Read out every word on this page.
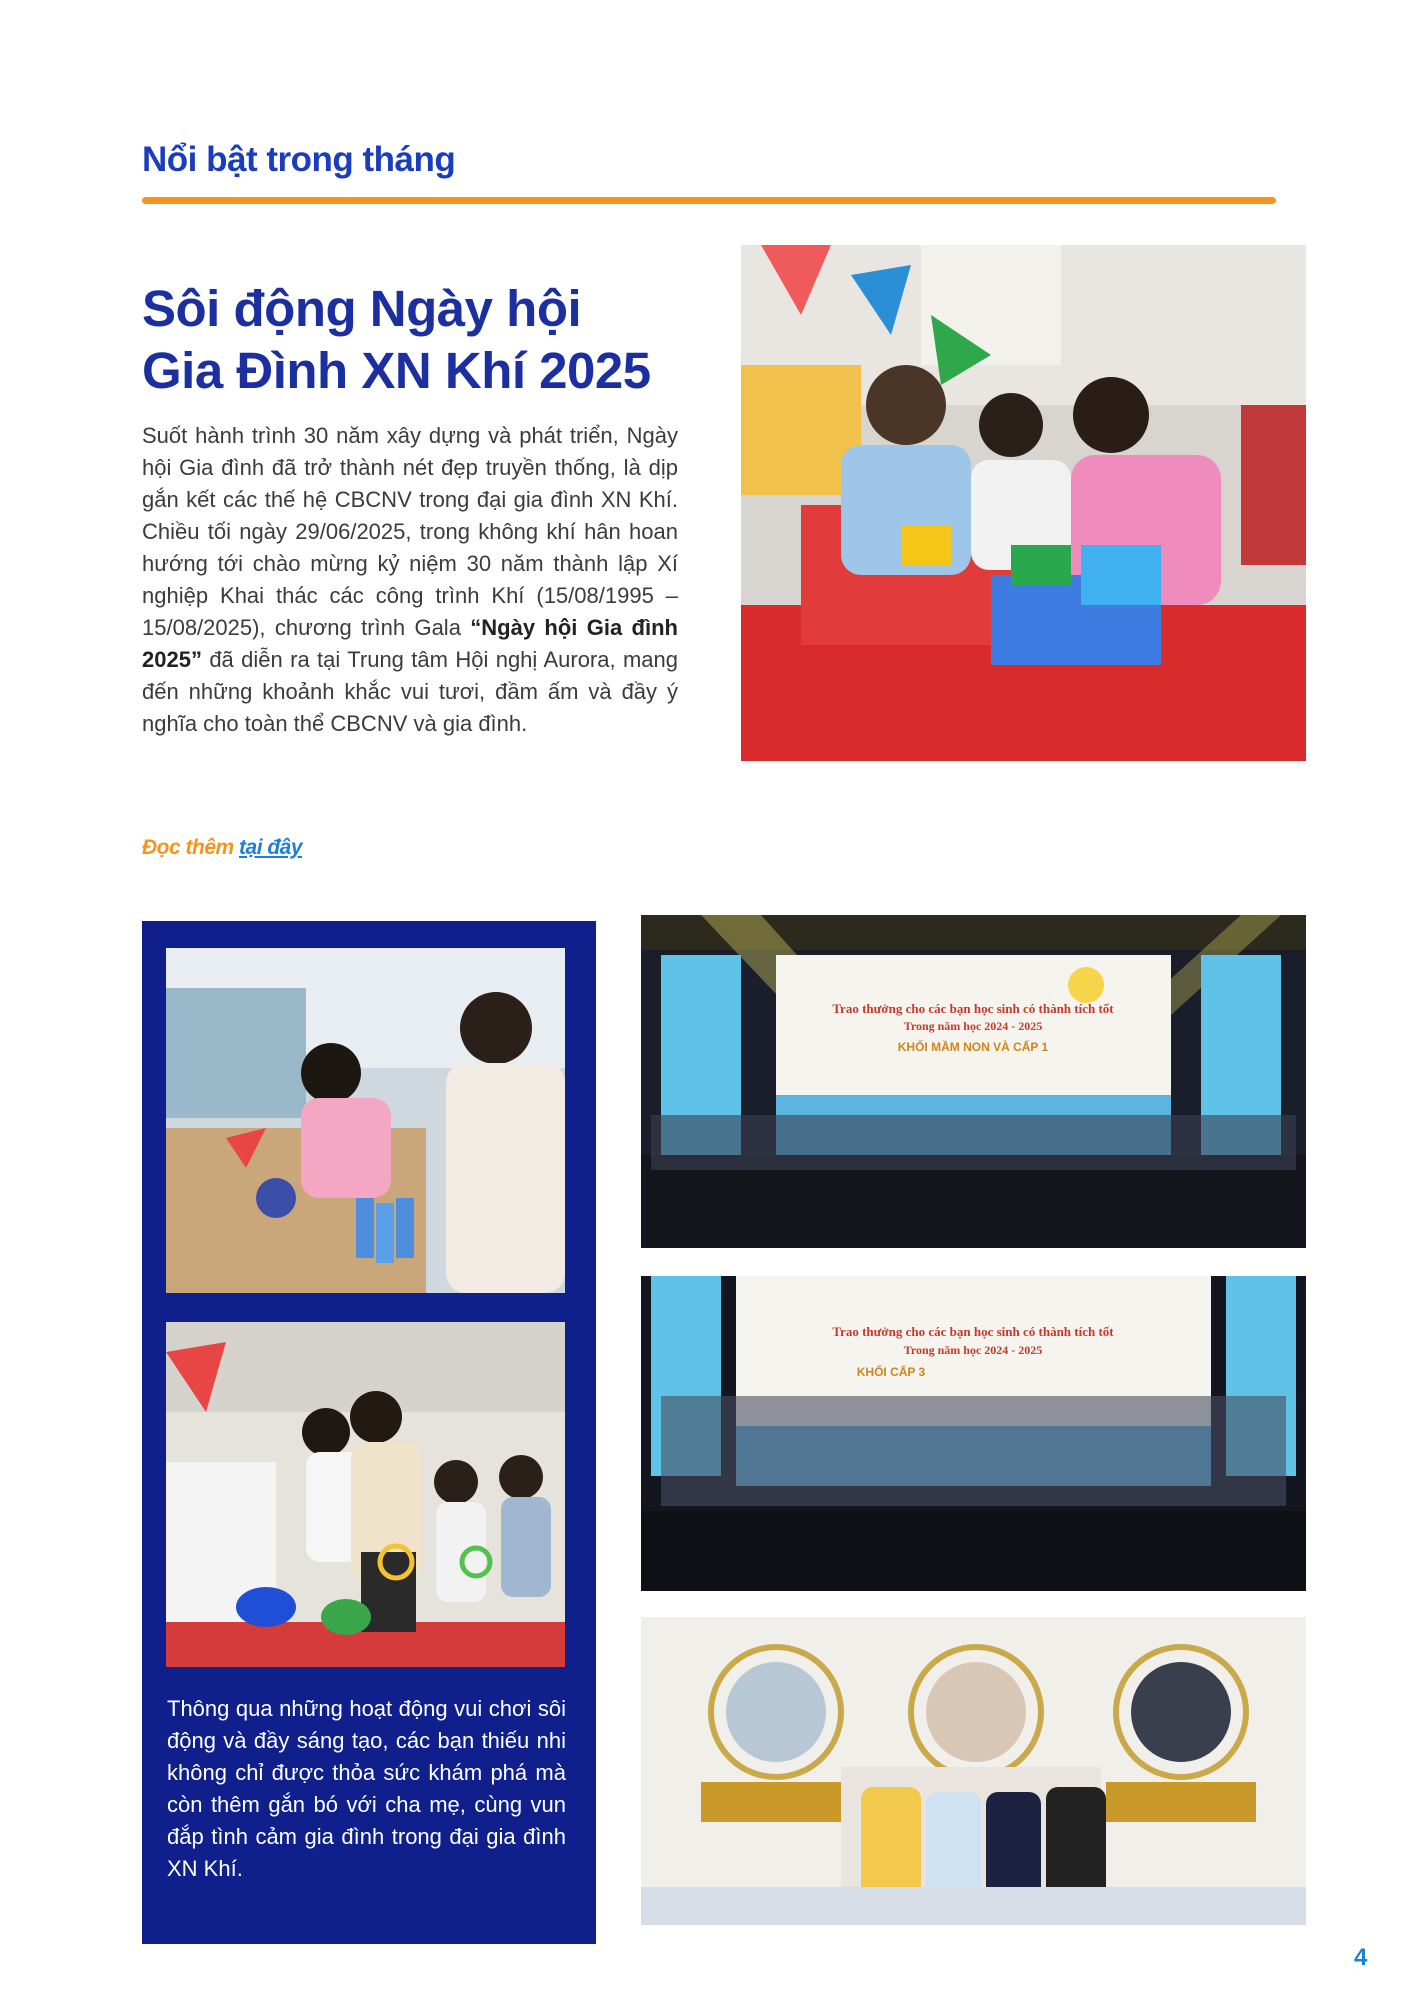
Nổi bật trong tháng
Sôi động Ngày hội
Gia Đình XN Khí 2025
Suốt hành trình 30 năm xây dựng và phát triển, Ngày hội Gia đình đã trở thành nét đẹp truyền thống, là dịp gắn kết các thế hệ CBCNV trong đại gia đình XN Khí. Chiều tối ngày 29/06/2025, trong không khí hân hoan hướng tới chào mừng kỷ niệm 30 năm thành lập Xí nghiệp Khai thác các công trình Khí (15/08/1995 – 15/08/2025), chương trình Gala “Ngày hội Gia đình 2025” đã diễn ra tại Trung tâm Hội nghị Aurora, mang đến những khoảnh khắc vui tươi, đầm ấm và đầy ý nghĩa cho toàn thể CBCNV và gia đình.
Đọc thêm tại đây
Thông qua những hoạt động vui chơi sôi động và đầy sáng tạo, các bạn thiếu nhi không chỉ được thỏa sức khám phá mà còn thêm gắn bó với cha mẹ, cùng vun đắp tình cảm gia đình trong đại gia đình XN Khí.
Trao thưởng cho các bạn học sinh có thành tích tốt
Trong năm học 2024 - 2025
KHỐI MẦM NON VÀ CẤP 1
Trao thưởng cho các bạn học sinh có thành tích tốt
Trong năm học 2024 - 2025
KHỐI CẤP 3
4
